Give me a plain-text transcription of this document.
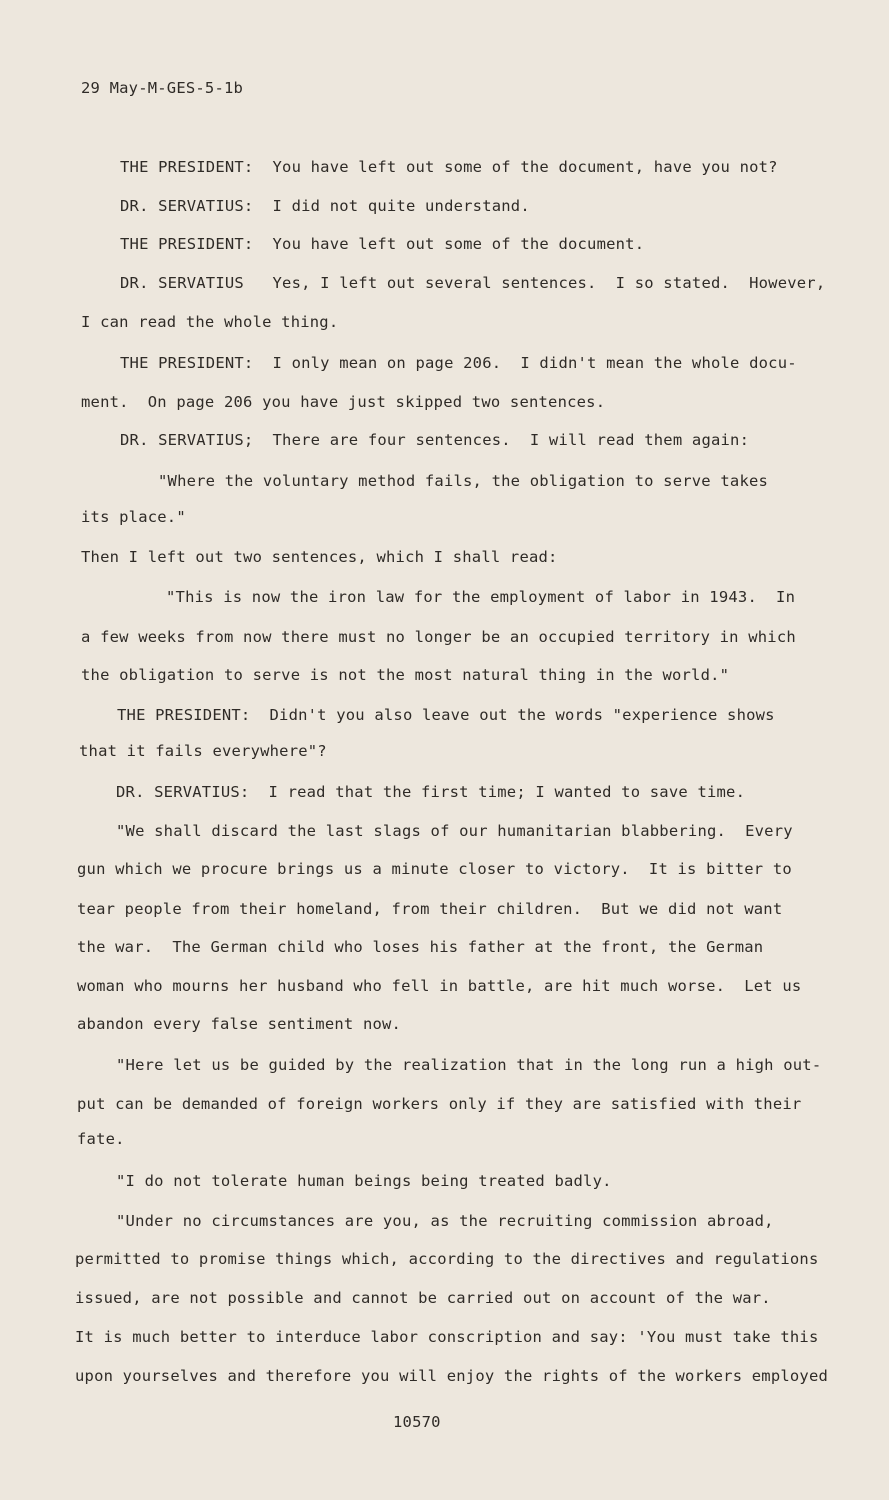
29 May-M-GES-5-1b
THE PRESIDENT:  You have left out some of the document, have you not?
DR. SERVATIUS:  I did not quite understand.
THE PRESIDENT:  You have left out some of the document.
DR. SERVATIUS   Yes, I left out several sentences.  I so stated.  However,
I can read the whole thing.
THE PRESIDENT:  I only mean on page 206.  I didn't mean the whole docu-
ment.  On page 206 you have just skipped two sentences.
DR. SERVATIUS;  There are four sentences.  I will read them again:
"Where the voluntary method fails, the obligation to serve takes
its place."
Then I left out two sentences, which I shall read:
"This is now the iron law for the employment of labor in 1943.  In
a few weeks from now there must no longer be an occupied territory in which
the obligation to serve is not the most natural thing in the world."
THE PRESIDENT:  Didn't you also leave out the words "experience shows
that it fails everywhere"?
DR. SERVATIUS:  I read that the first time; I wanted to save time.
"We shall discard the last slags of our humanitarian blabbering.  Every
gun which we procure brings us a minute closer to victory.  It is bitter to
tear people from their homeland, from their children.  But we did not want
the war.  The German child who loses his father at the front, the German
woman who mourns her husband who fell in battle, are hit much worse.  Let us
abandon every false sentiment now.
"Here let us be guided by the realization that in the long run a high out-
put can be demanded of foreign workers only if they are satisfied with their
fate.
"I do not tolerate human beings being treated badly.
"Under no circumstances are you, as the recruiting commission abroad,
permitted to promise things which, according to the directives and regulations
issued, are not possible and cannot be carried out on account of the war.
It is much better to interduce labor conscription and say: 'You must take this
upon yourselves and therefore you will enjoy the rights of the workers employed
10570
